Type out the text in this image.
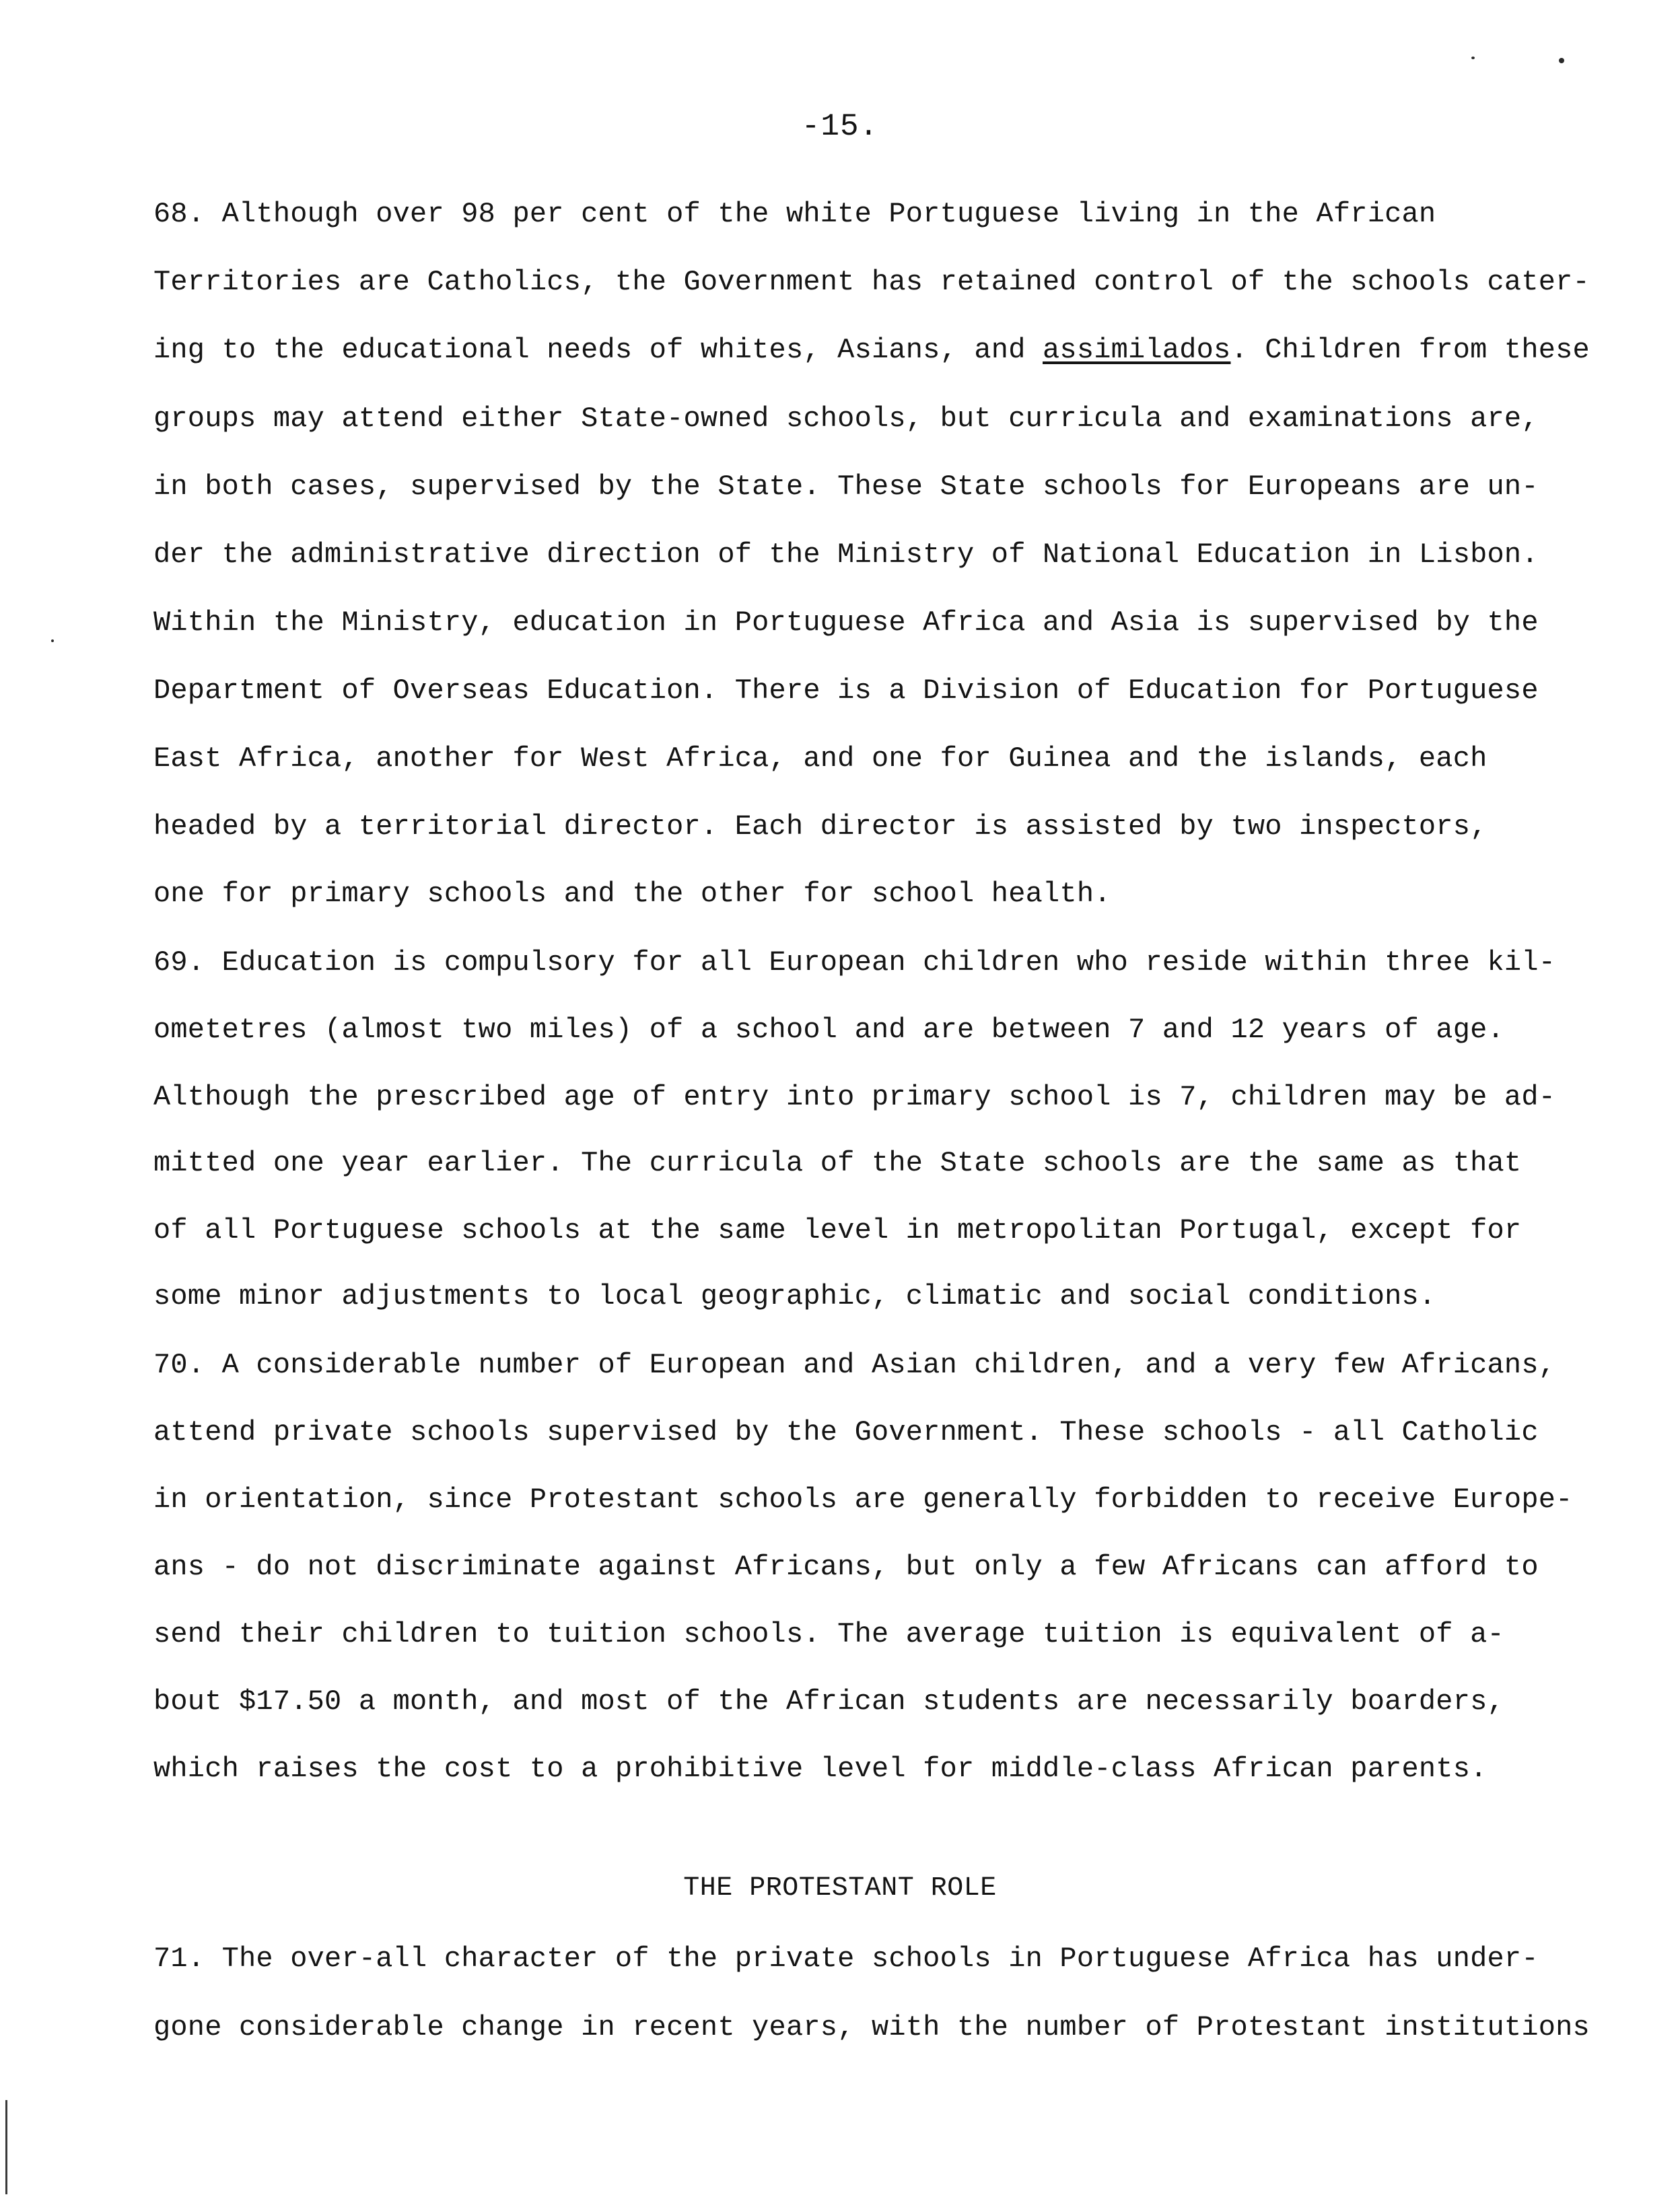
-15.
68. Although over 98 per cent of the white Portuguese living in the African
Territories are Catholics, the Government has retained control of the schools cater-
ing to the educational needs of whites, Asians, and assimilados. Children from these
groups may attend either State-owned schools, but curricula and examinations are,
in both cases, supervised by the State. These State schools for Europeans are un-
der the administrative direction of the Ministry of National Education in Lisbon.
Within the Ministry, education in Portuguese Africa and Asia is supervised by the
Department of Overseas Education. There is a Division of Education for Portuguese
East Africa, another for West Africa, and one for Guinea and the islands, each
headed by a territorial director. Each director is assisted by two inspectors,
one for primary schools and the other for school health.
69. Education is compulsory for all European children who reside within three kil-
ometetres (almost two miles) of a school and are between 7 and 12 years of age.
Although the prescribed age of entry into primary school is 7, children may be ad-
mitted one year earlier. The curricula of the State schools are the same as that
of all Portuguese schools at the same level in metropolitan Portugal, except for
some minor adjustments to local geographic, climatic and social conditions.
70. A considerable number of European and Asian children, and a very few Africans,
attend private schools supervised by the Government. These schools - all Catholic
in orientation, since Protestant schools are generally forbidden to receive Europe-
ans - do not discriminate against Africans, but only a few Africans can afford to
send their children to tuition schools. The average tuition is equivalent of a-
bout $17.50 a month, and most of the African students are necessarily boarders,
which raises the cost to a prohibitive level for middle-class African parents.
THE PROTESTANT ROLE
71. The over-all character of the private schools in Portuguese Africa has under-
gone considerable change in recent years, with the number of Protestant institutions
